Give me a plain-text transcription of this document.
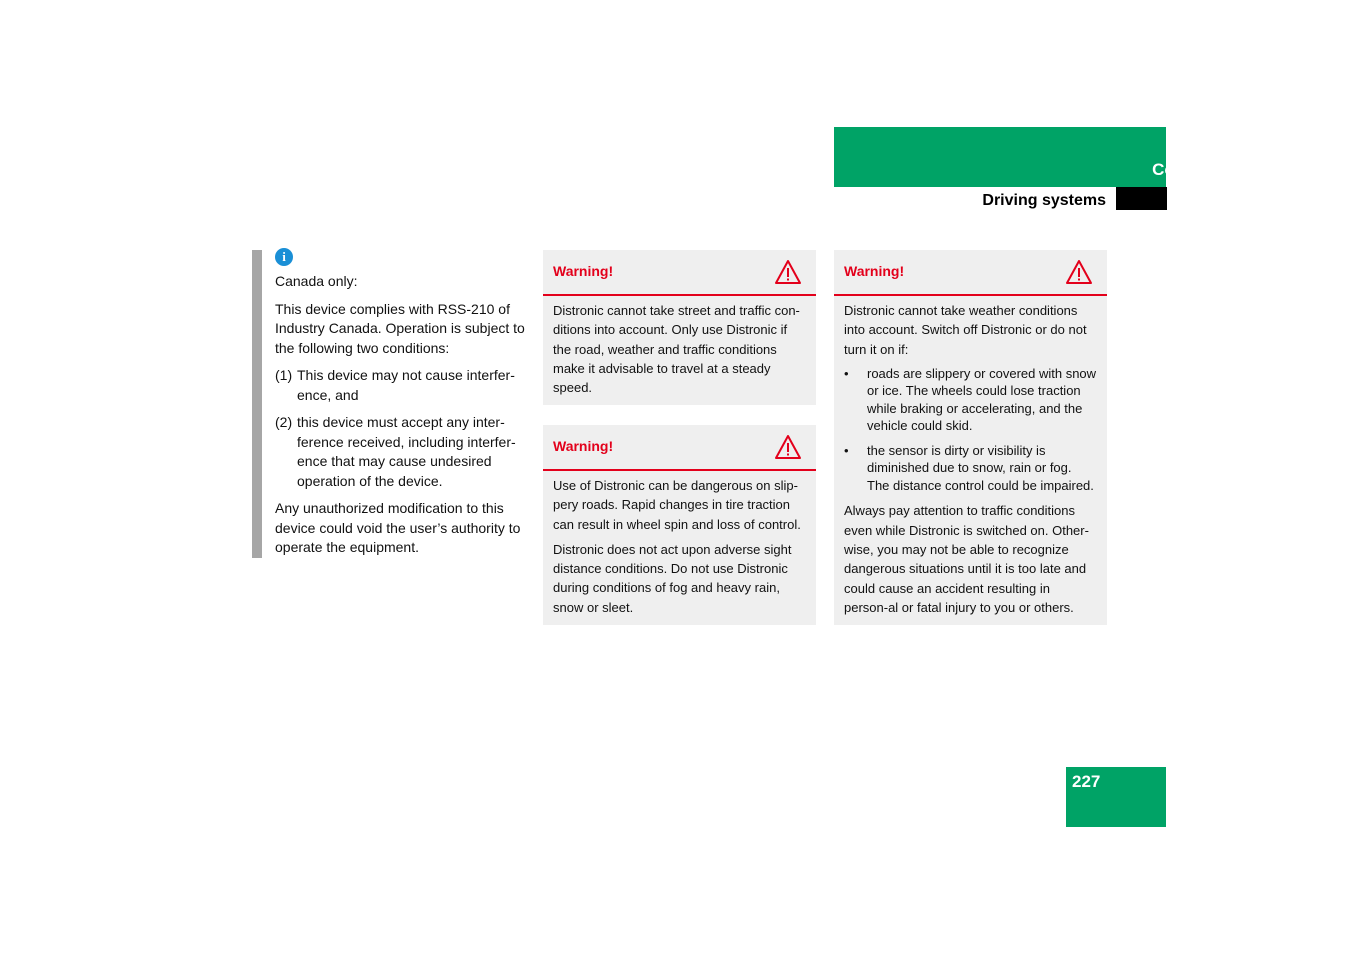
Controls in detail
Driving systems
i

Canada only:

This device complies with RSS-210 of Industry Canada. Operation is subject to the following two conditions:

(1) This device may not cause interfer-ence, and
(2) this device must accept any inter-ference received, including interfer-ence that may cause undesired operation of the device.

Any unauthorized modification to this device could void the user’s authority to operate the equipment.

Warning!

Distronic cannot take street and traffic con-ditions into account. Only use Distronic if the road, weather and traffic conditions make it advisable to travel at a steady speed.

Warning!

Use of Distronic can be dangerous on slip-pery roads. Rapid changes in tire traction can result in wheel spin and loss of control.

Distronic does not act upon adverse sight distance conditions. Do not use Distronic during conditions of fog and heavy rain, snow or sleet.

Warning!

Distronic cannot take weather conditions into account. Switch off Distronic or do not turn it on if:

•	roads are slippery or covered with snow or ice. The wheels could lose traction while braking or accelerating, and the vehicle could skid.
•	the sensor is dirty or visibility is diminished due to snow, rain or fog. The distance control could be impaired.

Always pay attention to traffic conditions even while Distronic is switched on. Other-wise, you may not be able to recognize dangerous situations until it is too late and could cause an accident resulting in person-al or fatal injury to you or others.

227
